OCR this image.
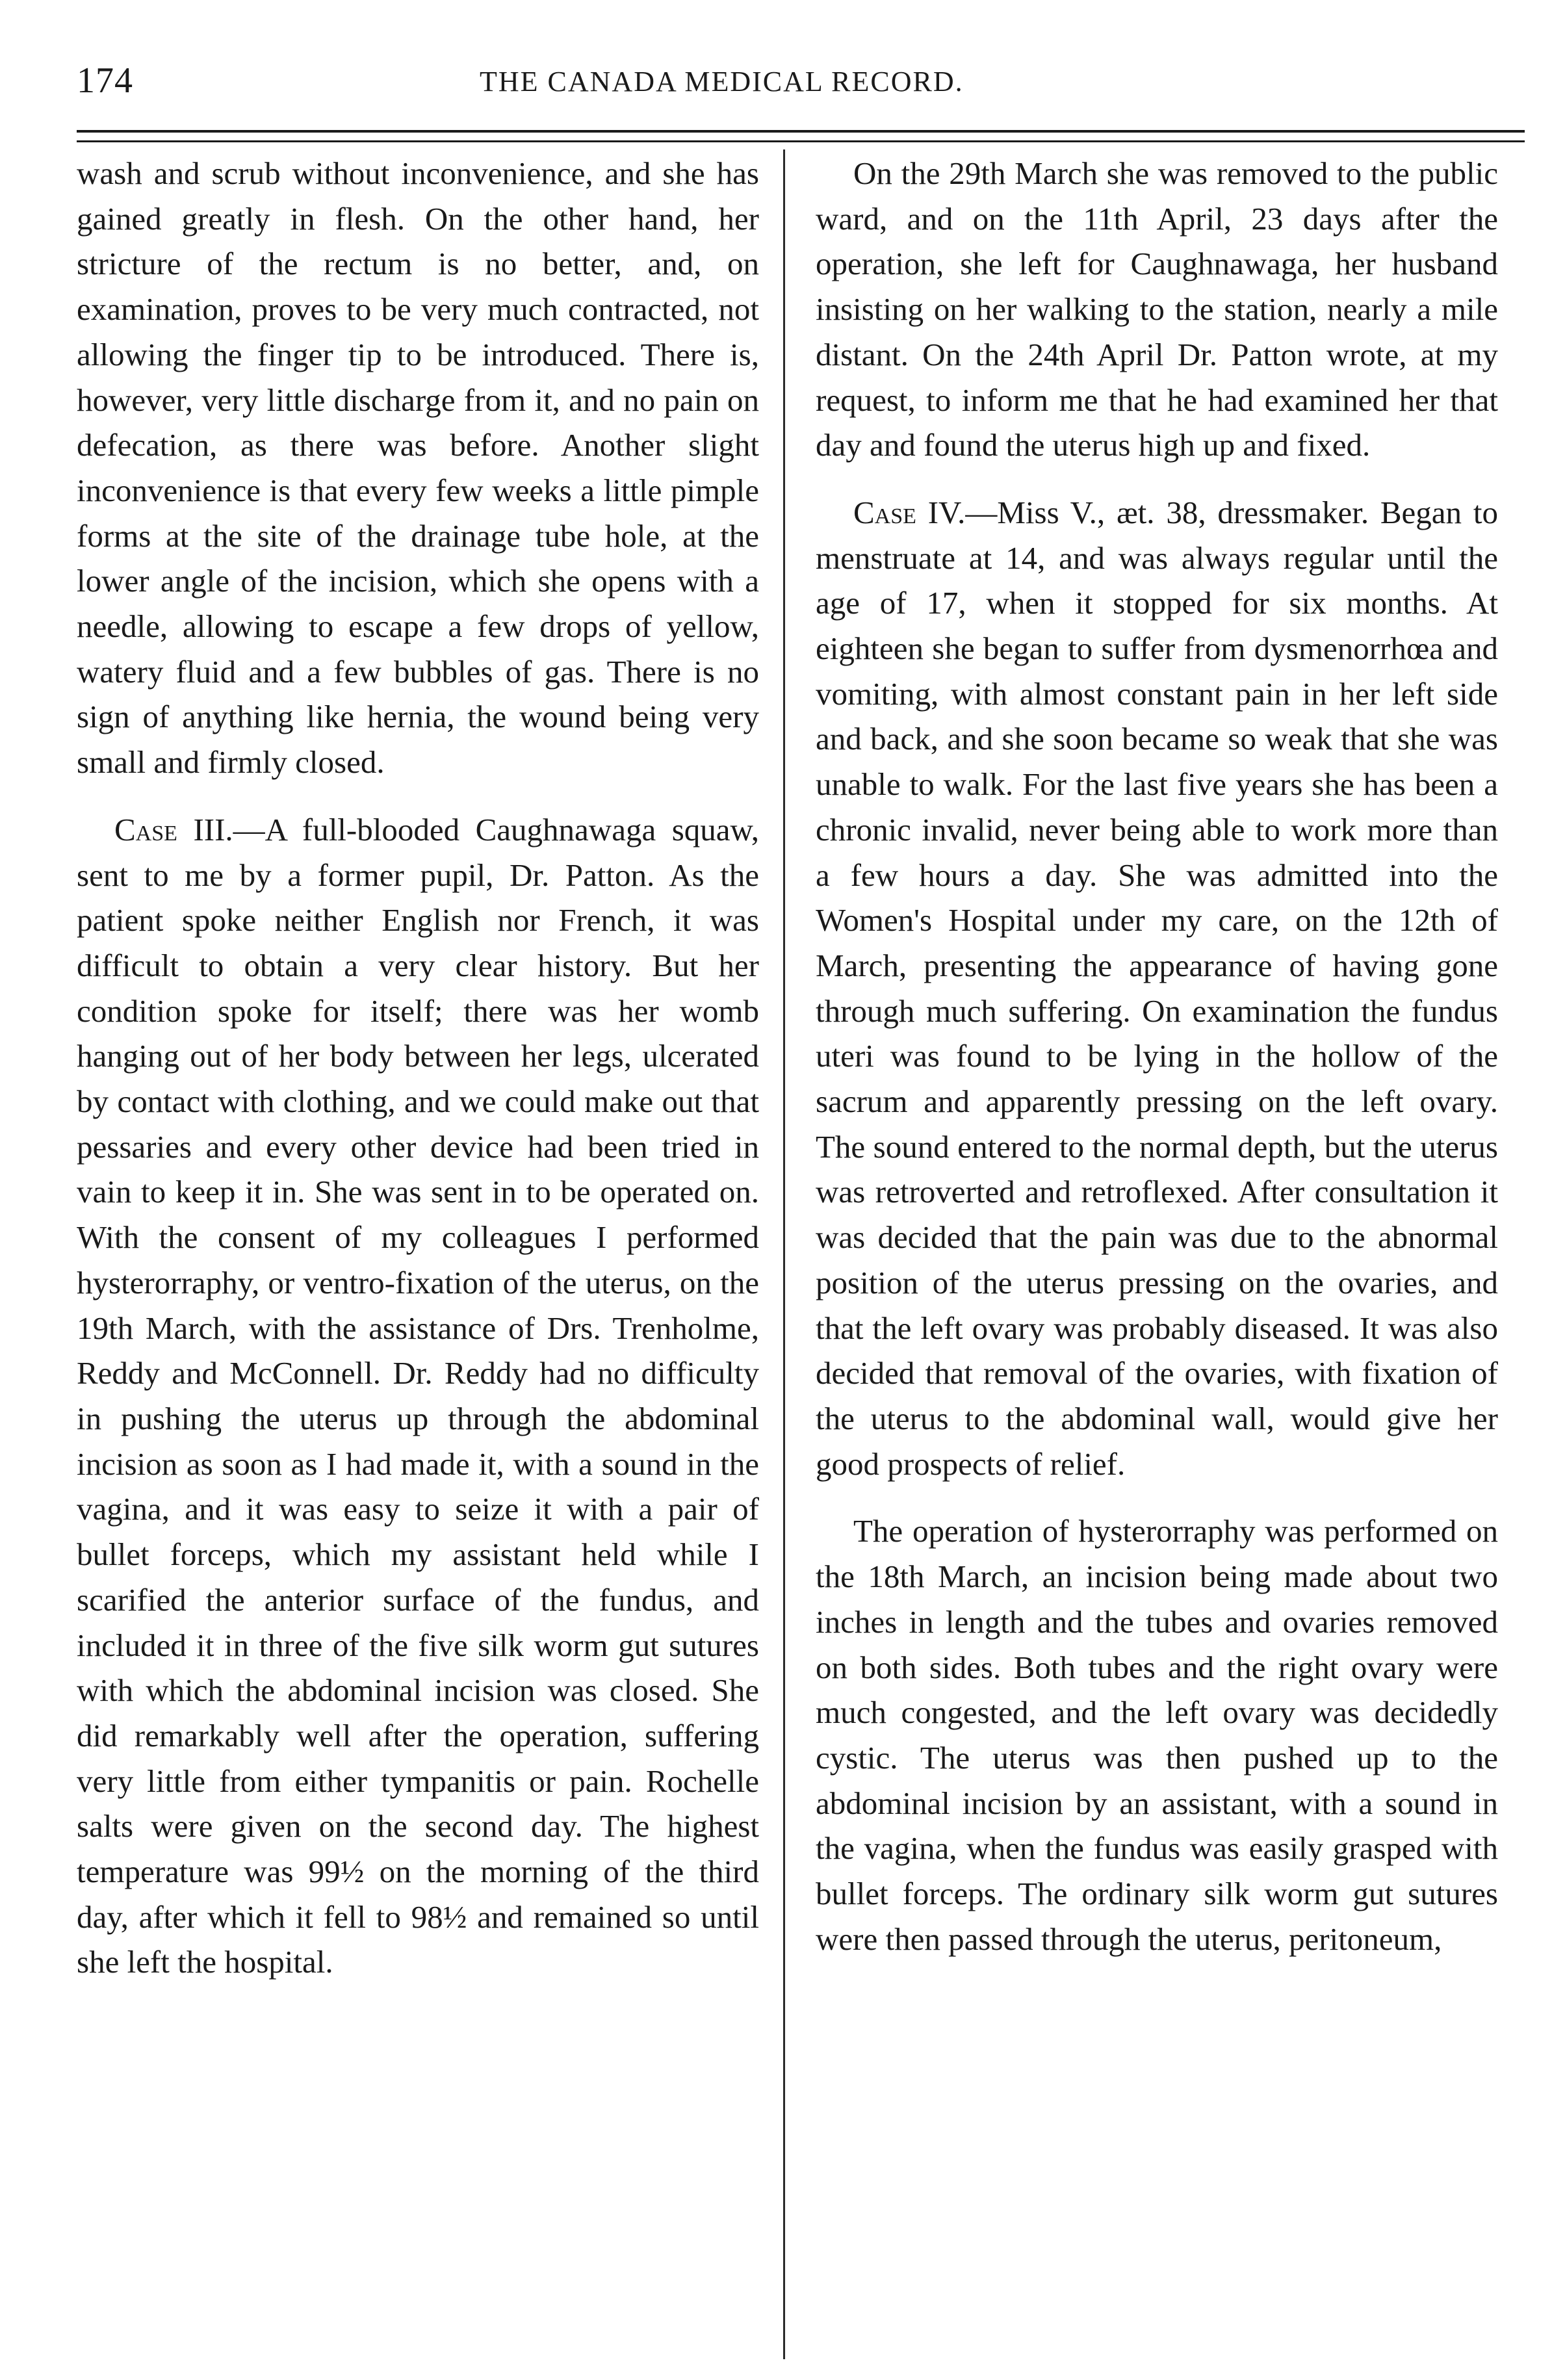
174	THE CANADA MEDICAL RECORD.

wash and scrub without inconvenience, and she has gained greatly in flesh. On the other hand, her stricture of the rectum is no better, and, on examination, proves to be very much contracted, not allowing the finger tip to be introduced. There is, however, very little discharge from it, and no pain on defecation, as there was before. Another slight inconvenience is that every few weeks a little pimple forms at the site of the drainage tube hole, at the lower angle of the incision, which she opens with a needle, allowing to escape a few drops of yellow, watery fluid and a few bubbles of gas. There is no sign of anything like hernia, the wound being very small and firmly closed.

Case III.—A full-blooded Caughnawaga squaw, sent to me by a former pupil, Dr. Patton. As the patient spoke neither English nor French, it was difficult to obtain a very clear history. But her condition spoke for itself; there was her womb hanging out of her body between her legs, ulcerated by contact with clothing, and we could make out that pessaries and every other device had been tried in vain to keep it in. She was sent in to be operated on. With the consent of my colleagues I performed hysterorraphy, or ventro-fixation of the uterus, on the 19th March, with the assistance of Drs. Trenholme, Reddy and McConnell. Dr. Reddy had no difficulty in pushing the uterus up through the abdominal incision as soon as I had made it, with a sound in the vagina, and it was easy to seize it with a pair of bullet forceps, which my assistant held while I scarified the anterior surface of the fundus, and included it in three of the five silk worm gut sutures with which the abdominal incision was closed. She did remarkably well after the operation, suffering very little from either tympanitis or pain. Rochelle salts were given on the second day. The highest temperature was 99½ on the morning of the third day, after which it fell to 98½ and remained so until she left the hospital.

On the 29th March she was removed to the public ward, and on the 11th April, 23 days after the operation, she left for Caughnawaga, her husband insisting on her walking to the station, nearly a mile distant. On the 24th April Dr. Patton wrote, at my request, to inform me that he had examined her that day and found the uterus high up and fixed.

Case IV.—Miss V., æt. 38, dressmaker. Began to menstruate at 14, and was always regular until the age of 17, when it stopped for six months. At eighteen she began to suffer from dysmenorrhœa and vomiting, with almost constant pain in her left side and back, and she soon became so weak that she was unable to walk. For the last five years she has been a chronic invalid, never being able to work more than a few hours a day. She was admitted into the Women's Hospital under my care, on the 12th of March, presenting the appearance of having gone through much suffering. On examination the fundus uteri was found to be lying in the hollow of the sacrum and apparently pressing on the left ovary. The sound entered to the normal depth, but the uterus was retroverted and retroflexed. After consultation it was decided that the pain was due to the abnormal position of the uterus pressing on the ovaries, and that the left ovary was probably diseased. It was also decided that removal of the ovaries, with fixation of the uterus to the abdominal wall, would give her good prospects of relief.

The operation of hysterorraphy was performed on the 18th March, an incision being made about two inches in length and the tubes and ovaries removed on both sides. Both tubes and the right ovary were much congested, and the left ovary was decidedly cystic. The uterus was then pushed up to the abdominal incision by an assistant, with a sound in the vagina, when the fundus was easily grasped with bullet forceps. The ordinary silk worm gut sutures were then passed through the uterus, peritoneum,
